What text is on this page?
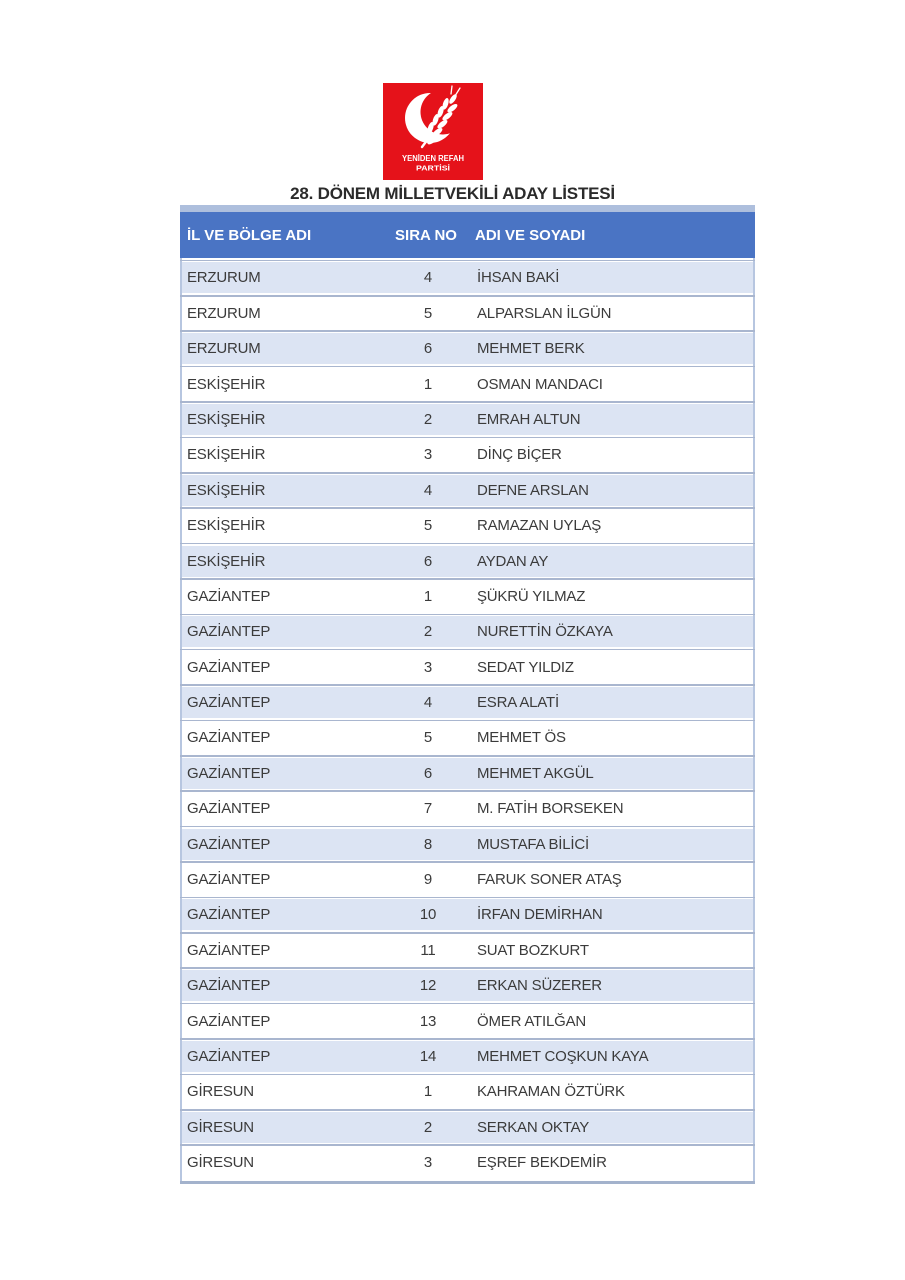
YENİDEN REFAH
PARTİSİ
28. DÖNEM MİLLETVEKİLİ ADAY LİSTESİ
İL VE BÖLGE ADI	SIRA NO	ADI VE SOYADI
ERZURUM	4	İHSAN BAKİ
ERZURUM	5	ALPARSLAN İLGÜN
ERZURUM	6	MEHMET BERK
ESKİŞEHİR	1	OSMAN MANDACI
ESKİŞEHİR	2	EMRAH ALTUN
ESKİŞEHİR	3	DİNÇ BİÇER
ESKİŞEHİR	4	DEFNE ARSLAN
ESKİŞEHİR	5	RAMAZAN UYLAŞ
ESKİŞEHİR	6	AYDAN AY
GAZİANTEP	1	ŞÜKRÜ YILMAZ
GAZİANTEP	2	NURETTİN ÖZKAYA
GAZİANTEP	3	SEDAT YILDIZ
GAZİANTEP	4	ESRA ALATİ
GAZİANTEP	5	MEHMET ÖS
GAZİANTEP	6	MEHMET AKGÜL
GAZİANTEP	7	M. FATİH BORSEKEN
GAZİANTEP	8	MUSTAFA BİLİCİ
GAZİANTEP	9	FARUK SONER ATAŞ
GAZİANTEP	10	İRFAN DEMİRHAN
GAZİANTEP	11	SUAT BOZKURT
GAZİANTEP	12	ERKAN SÜZERER
GAZİANTEP	13	ÖMER ATILĞAN
GAZİANTEP	14	MEHMET COŞKUN KAYA
GİRESUN	1	KAHRAMAN ÖZTÜRK
GİRESUN	2	SERKAN OKTAY
GİRESUN	3	EŞREF BEKDEMİR
